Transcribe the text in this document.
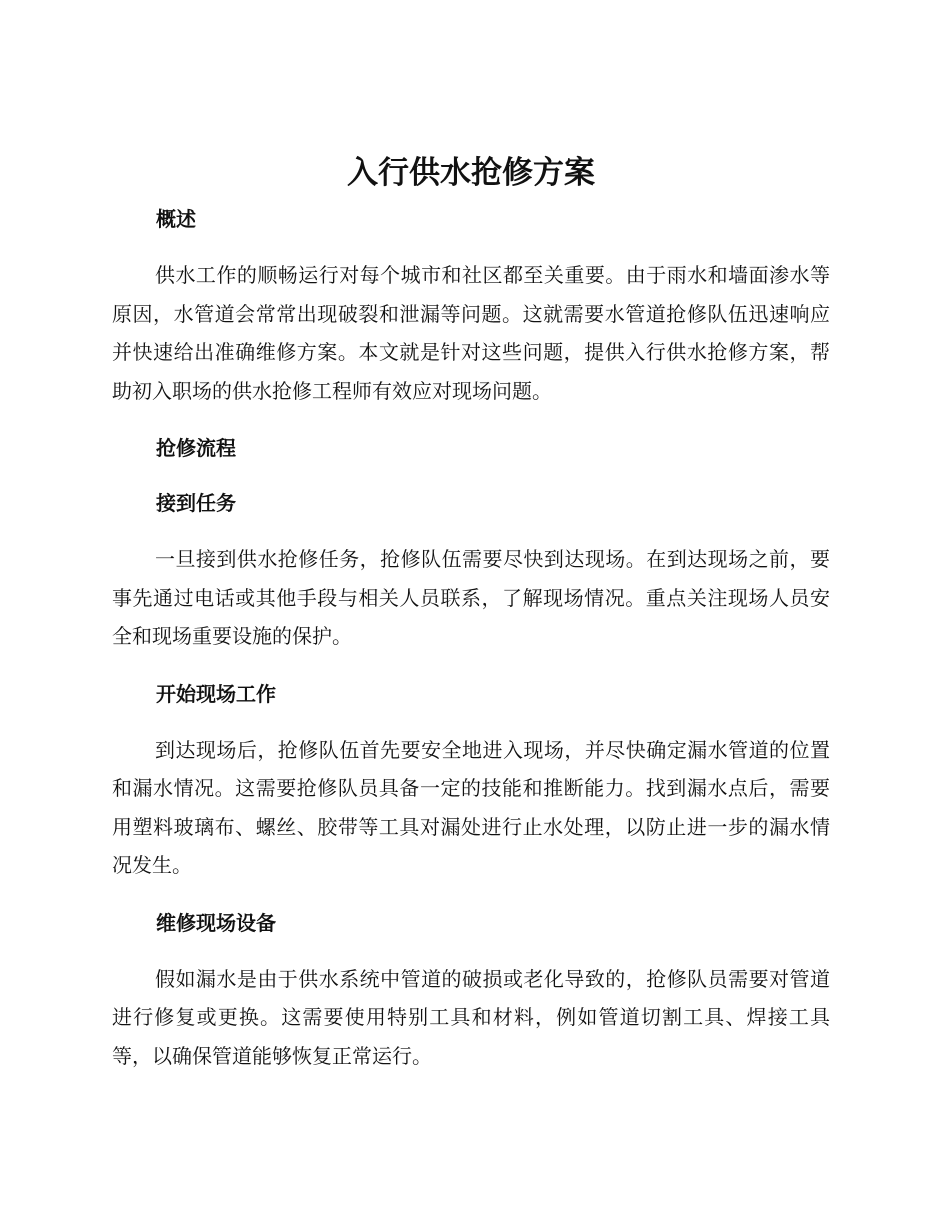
入行供水抢修方案
概述

供水工作的顺畅运行对每个城市和社区都至关重要。由于雨水和墙面渗水等原因，水管道会常常出现破裂和泄漏等问题。这就需要水管道抢修队伍迅速响应并快速给出准确维修方案。本文就是针对这些问题，提供入行供水抢修方案，帮助初入职场的供水抢修工程师有效应对现场问题。

抢修流程
接到任务

一旦接到供水抢修任务，抢修队伍需要尽快到达现场。在到达现场之前，要事先通过电话或其他手段与相关人员联系，了解现场情况。重点关注现场人员安全和现场重要设施的保护。

开始现场工作

到达现场后，抢修队伍首先要安全地进入现场，并尽快确定漏水管道的位置和漏水情况。这需要抢修队员具备一定的技能和推断能力。找到漏水点后，需要用塑料玻璃布、螺丝、胶带等工具对漏处进行止水处理，以防止进一步的漏水情况发生。

维修现场设备

假如漏水是由于供水系统中管道的破损或老化导致的，抢修队员需要对管道进行修复或更换。这需要使用特别工具和材料，例如管道切割工具、焊接工具等，以确保管道能够恢复正常运行。
